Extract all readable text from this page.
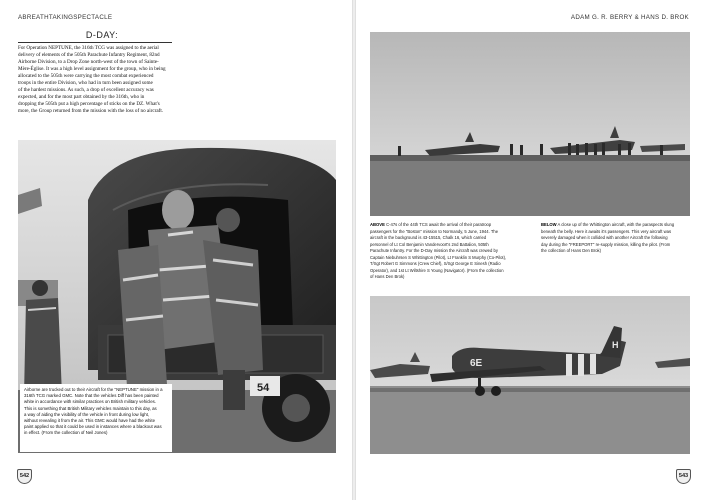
ABREATHTAKINGSPECTACLE	ADAM G. R. BERRY & HANS D. BROK
D-DAY:
For Operation NEPTUNE, the 316th TCG was assigned to the aerial
delivery of elements of the 505th Parachute Infantry Regiment, 82nd
Airborne Division, to a Drop Zone north-west of the town of Sainte-
Mère-Église. It was a high level assignment for the group, who in being
allocated to the 505th were carrying the most combat experienced
troops in the entire Division, who had in turn been assigned some
of the hardest missions. As such, a drop of excellent accuracy was
expected, and for the most part obtained by the 316th, who in
dropping the 505th put a high percentage of sticks on the DZ. What's
more, the Group returned from the mission with the loss of no aircraft.
54
Airborne are trucked out to their Aircraft for the "NEPTUNE" mission in a
316th TCG marked GMC. Note that the vehicles Diff has been painted
white in accordance with similar practices on British military vehicles.
This is something that British Military vehicles maintain to this day, as
a way of aiding the visibility of the vehicle in front during low light,
without revealing it from the air. This GMC would have had the white
paint applied so that it could be used in instances where a blackout was
in effect. (From the collection of Neil Jones)
ABOVE C-47s of the 44th TCS await the arrival of their paratroop
passengers for the "Boston" mission to Normandy, 5 June, 1944. The
aircraft in the background is 43-15515, Chalk 16, which carried
personnel of Lt Col Benjamin Vandervoort's 2nd Battalion, 505th
Parachute Infantry. For the D-Day mission the Aircraft was crewed by
Captain Niebuhrsen S Whittington (Pilot), Lt Franklin S Murphy (Co-Pilot),
T/Sgt Robert G Simmons (Crew Chief), S/Sgt George E Sinesh (Radio
Operator), and 1st Lt Wiltshire S Young (Navigator). (From the collection
of Hans Den Brok)
BELOW A close up of the Whittington aircraft, with the paraspects slung
beneath the belly. Here it awaits it's passengers. This very aircraft was
severely damaged when it collided with another Aircraft the following
day during the "FREEPORT" re-supply mission, killing the pilot. (From
the collection of Hans Den Brok)
H
6E
542	543
